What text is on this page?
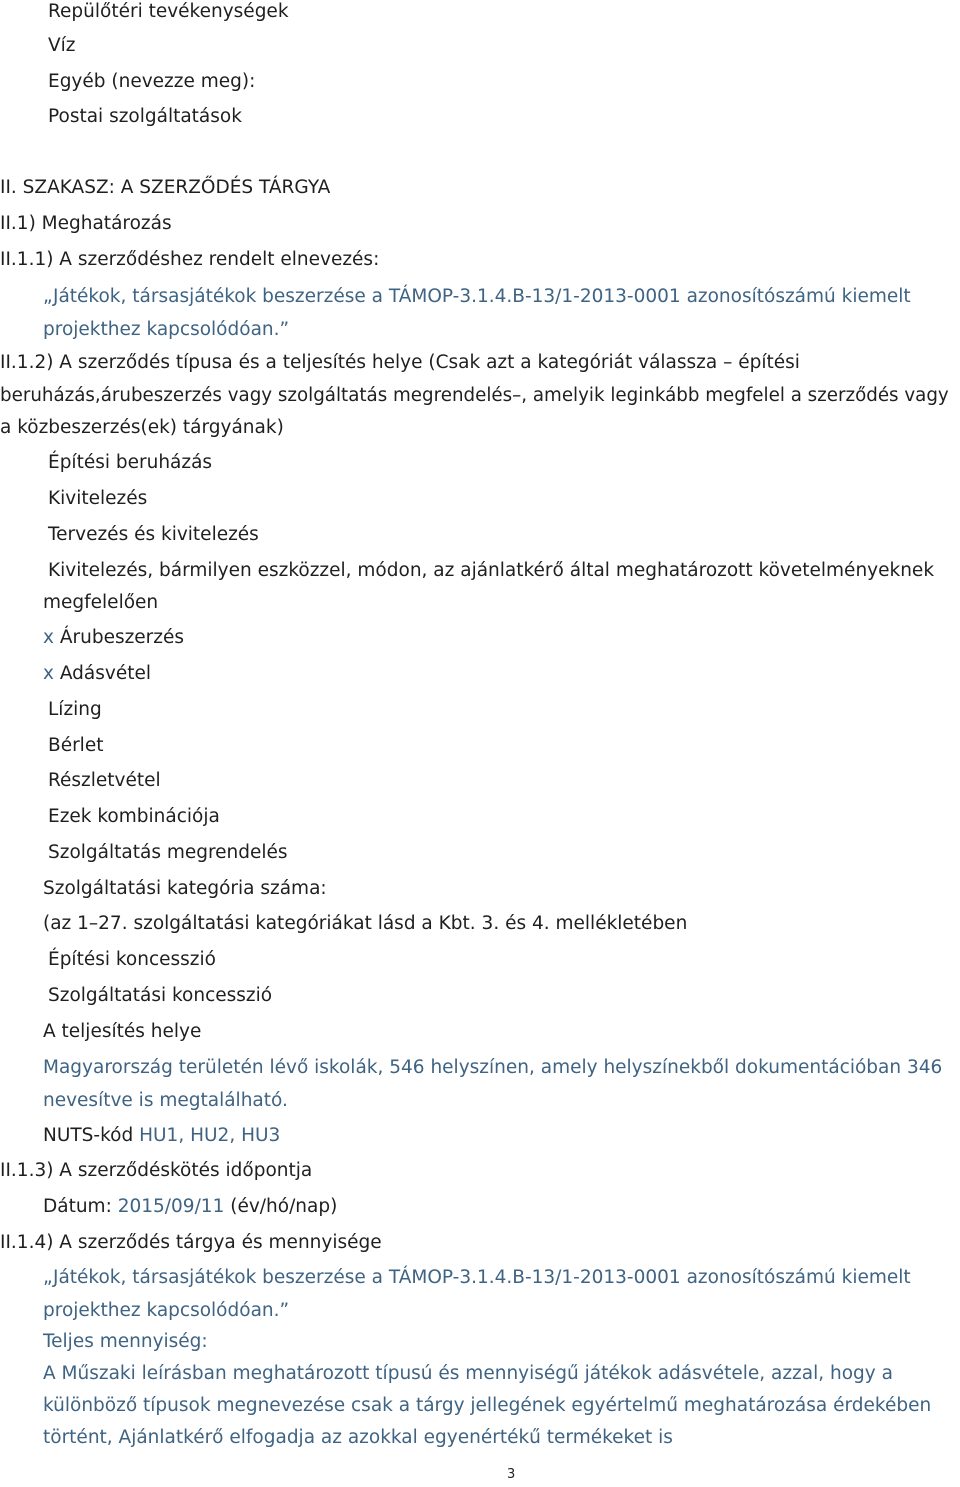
Repülőtéri tevékenységek

Víz

Egyéb (nevezze meg):

Postai szolgáltatások

II. SZAKASZ: A SZERZŐDÉS TÁRGYA

II.1) Meghatározás

II.1.1) A szerződéshez rendelt elnevezés:

„Játékok, társasjátékok beszerzése a TÁMOP-3.1.4.B-13/1-2013-0001 azonosítószámú kiemelt

projekthez kapcsolódóan.”

II.1.2) A szerződés típusa és a teljesítés helye (Csak azt a kategóriát válassza – építési

beruházás,árubeszerzés vagy szolgáltatás megrendelés–, amelyik leginkább megfelel a szerződés vagy

a közbeszerzés(ek) tárgyának)

Építési beruházás

Kivitelezés

Tervezés és kivitelezés

Kivitelezés, bármilyen eszközzel, módon, az ajánlatkérő által meghatározott követelményeknek

megfelelően

x Árubeszerzés

x Adásvétel

Lízing

Bérlet

Részletvétel

Ezek kombinációja

Szolgáltatás megrendelés

Szolgáltatási kategória száma:

(az 1–27. szolgáltatási kategóriákat lásd a Kbt. 3. és 4. mellékletében

Építési koncesszió

Szolgáltatási koncesszió

A teljesítés helye

Magyarország területén lévő iskolák, 546 helyszínen, amely helyszínekből dokumentációban 346

nevesítve is megtalálható.

NUTS-kód HU1, HU2, HU3

II.1.3) A szerződéskötés időpontja

Dátum: 2015/09/11 (év/hó/nap)

II.1.4) A szerződés tárgya és mennyisége

„Játékok, társasjátékok beszerzése a TÁMOP-3.1.4.B-13/1-2013-0001 azonosítószámú kiemelt

projekthez kapcsolódóan.”

Teljes mennyiség:

A Műszaki leírásban meghatározott típusú és mennyiségű játékok adásvétele, azzal, hogy a

különböző típusok megnevezése csak a tárgy jellegének egyértelmű meghatározása érdekében

történt, Ajánlatkérő elfogadja az azokkal egyenértékű termékeket is

3
